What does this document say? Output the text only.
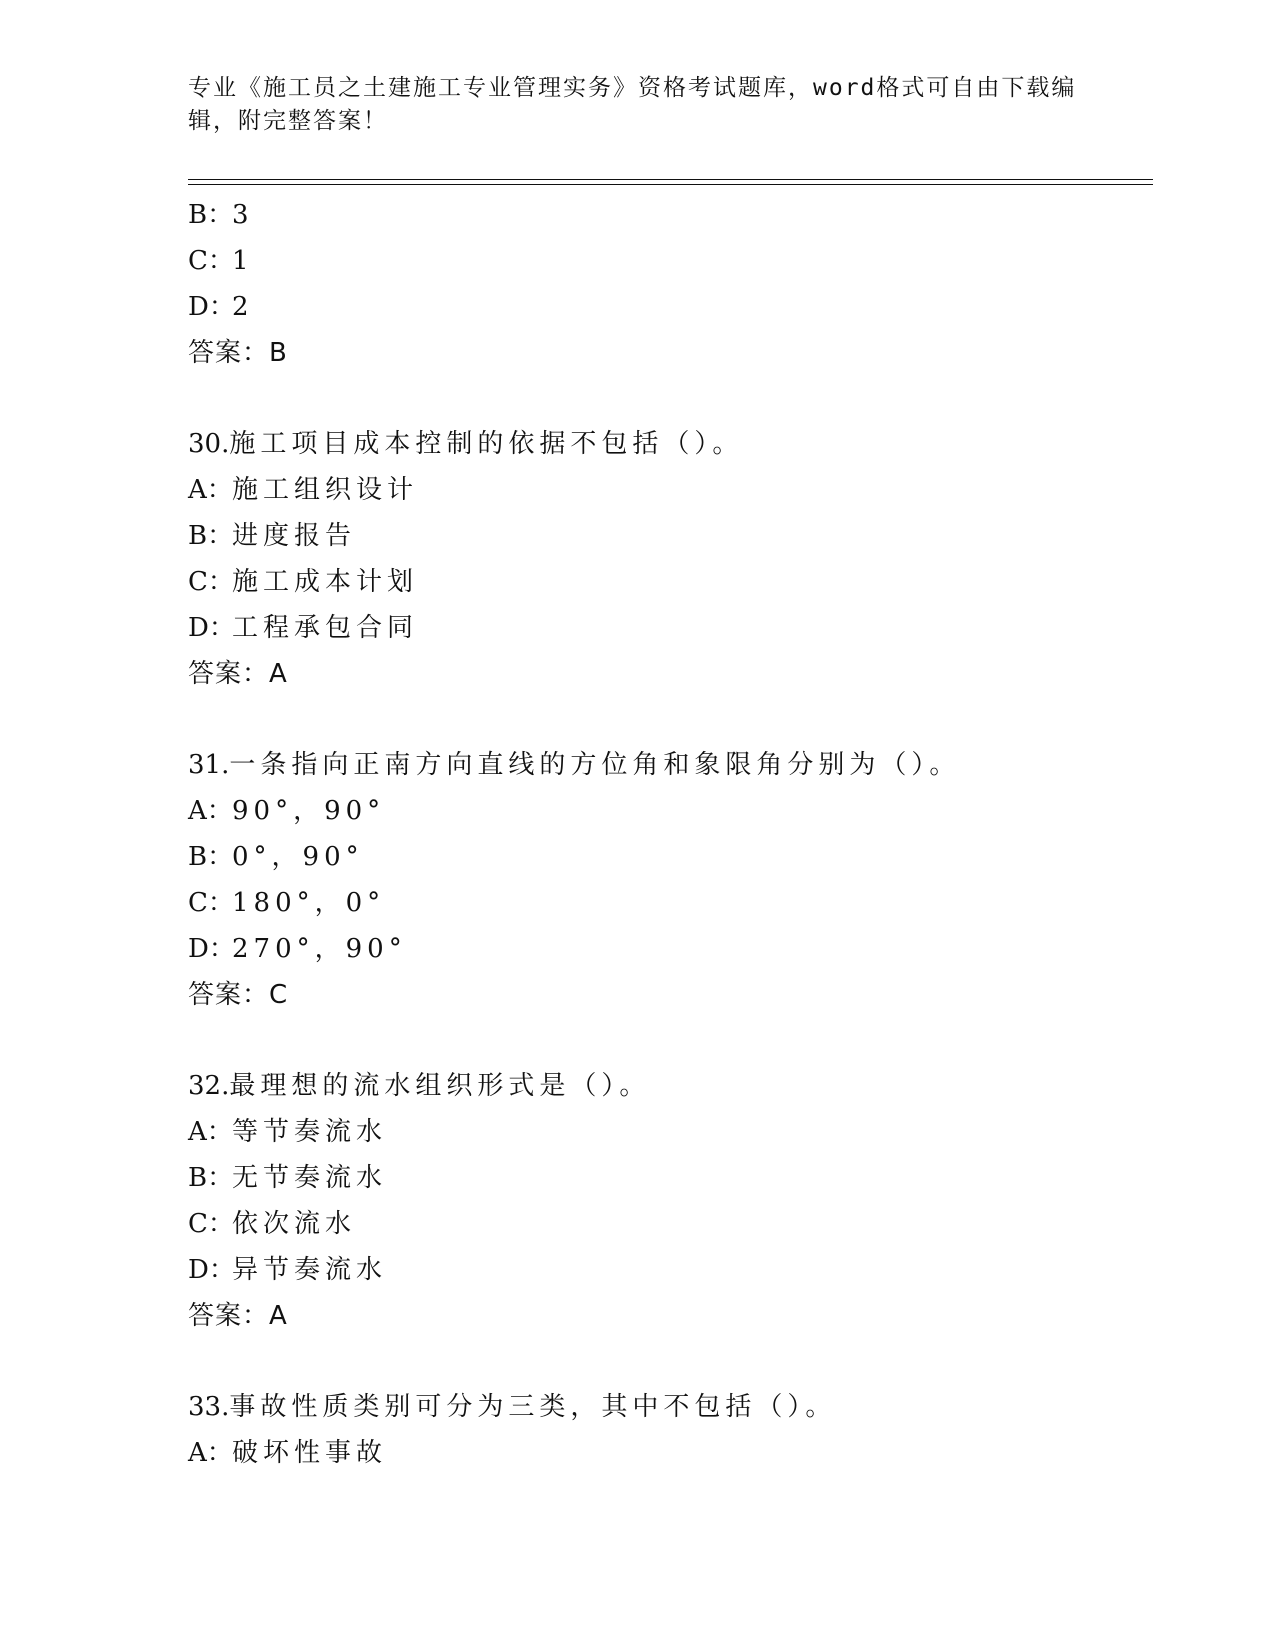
专业《施工员之土建施工专业管理实务》资格考试题库，word格式可自由下载编
辑，附完整答案！
B：3
C：1
D：2
答案：B
30.施工项目成本控制的依据不包括（）。
A：施工组织设计
B：进度报告
C：施工成本计划
D：工程承包合同
答案：A
31.一条指向正南方向直线的方位角和象限角分别为（）。
A：90°，90°
B：0°，90°
C：180°，0°
D：270°，90°
答案：C
32.最理想的流水组织形式是（）。
A：等节奏流水
B：无节奏流水
C：依次流水
D：异节奏流水
答案：A
33.事故性质类别可分为三类，其中不包括（）。
A：破坏性事故
